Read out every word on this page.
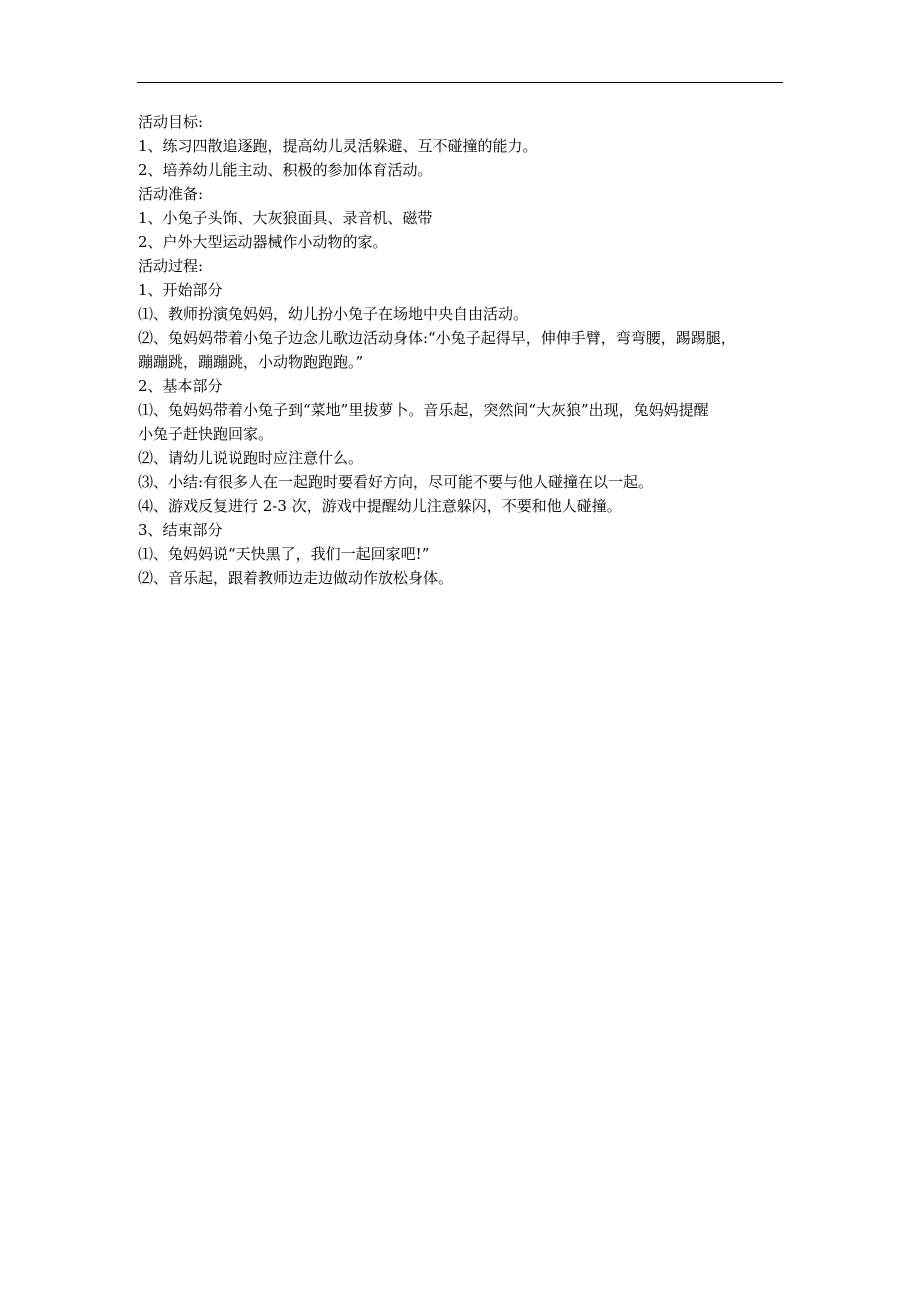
活动目标:
1、练习四散追逐跑，提高幼儿灵活躲避、互不碰撞的能力。
2、培养幼儿能主动、积极的参加体育活动。
活动准备:
1、小兔子头饰、大灰狼面具、录音机、磁带
2、户外大型运动器械作小动物的家。
活动过程:
1、开始部分
⑴、教师扮演兔妈妈，幼儿扮小兔子在场地中央自由活动。
⑵、兔妈妈带着小兔子边念儿歌边活动身体:“小兔子起得早，伸伸手臂，弯弯腰，踢踢腿，
蹦蹦跳，蹦蹦跳，小动物跑跑跑。”
2、基本部分
⑴、兔妈妈带着小兔子到“菜地”里拔萝卜。音乐起，突然间“大灰狼”出现，兔妈妈提醒
小兔子赶快跑回家。
⑵、请幼儿说说跑时应注意什么。
⑶、小结:有很多人在一起跑时要看好方向，尽可能不要与他人碰撞在以一起。
⑷、游戏反复进行 2-3 次，游戏中提醒幼儿注意躲闪，不要和他人碰撞。
3、结束部分
⑴、兔妈妈说“天快黑了，我们一起回家吧!”
⑵、音乐起，跟着教师边走边做动作放松身体。
